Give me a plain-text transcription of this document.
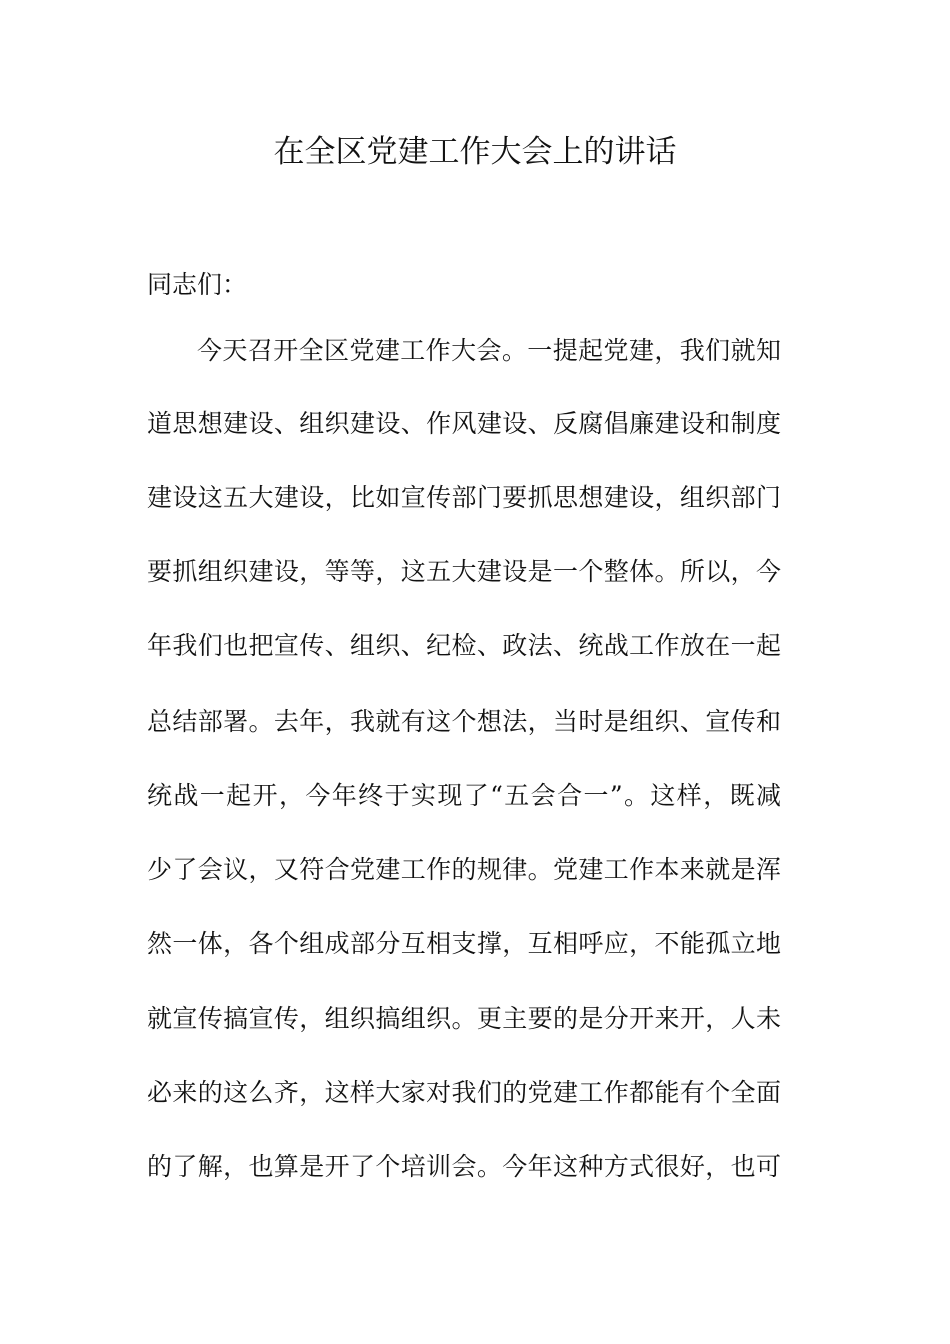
在全区党建工作大会上的讲话
同志们：
今天召开全区党建工作大会。一提起党建，我们就知
道思想建设、组织建设、作风建设、反腐倡廉建设和制度
建设这五大建设，比如宣传部门要抓思想建设，组织部门
要抓组织建设，等等，这五大建设是一个整体。所以，今
年我们也把宣传、组织、纪检、政法、统战工作放在一起
总结部署。去年，我就有这个想法，当时是组织、宣传和
统战一起开，今年终于实现了“五会合一”。这样，既减
少了会议，又符合党建工作的规律。党建工作本来就是浑
然一体，各个组成部分互相支撑，互相呼应，不能孤立地
就宣传搞宣传，组织搞组织。更主要的是分开来开，人未
必来的这么齐，这样大家对我们的党建工作都能有个全面
的了解，也算是开了个培训会。今年这种方式很好，也可
